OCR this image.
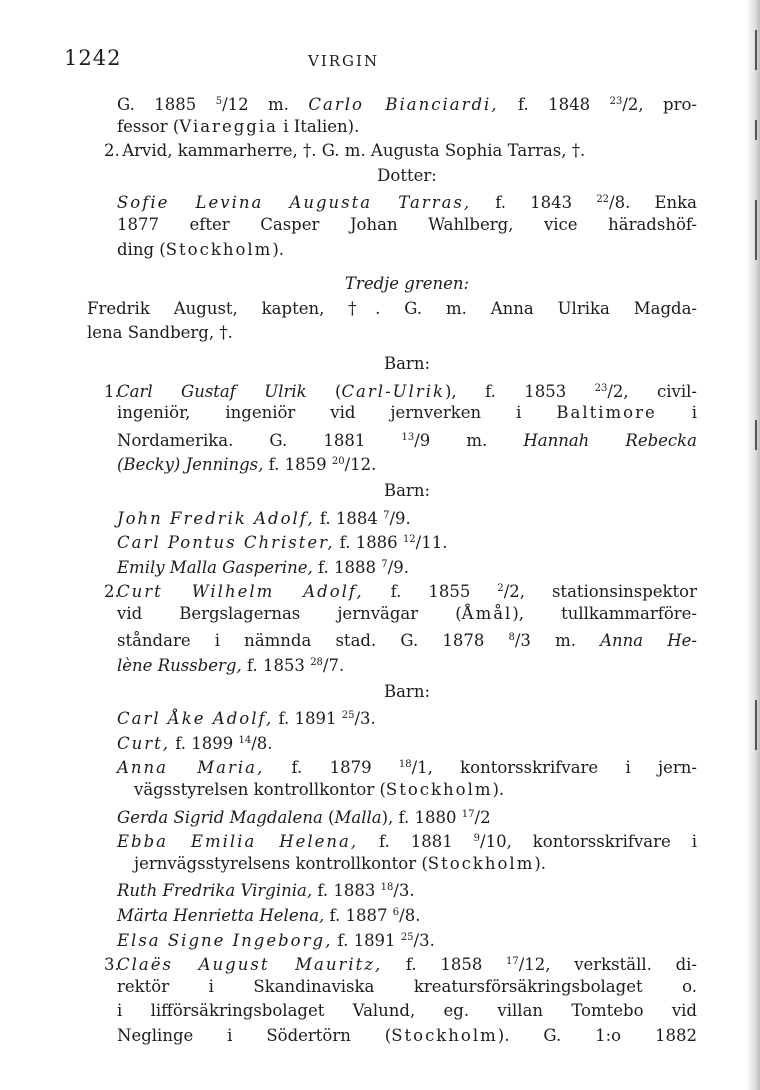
1242	VIRGIN
G. 1885 $^5$/12 m. Carlo Bianciardi, f. 1848 $^{23}$/2, pro-
fessor (Viareggia i Italien).
2. Arvid, kammarherre, †. G. m. Augusta Sophia Tarras, †.
Dotter:
Sofie Levina Augusta Tarras, f. 1843 $^{22}$/8. Enka
1877 efter Casper Johan Wahlberg, vice häradshöf-
ding (Stockholm).
Tredje grenen:
Fredrik August, kapten, †. G. m. Anna Ulrika Magda-
lena Sandberg, †.
Barn:
1.Carl Gustaf Ulrik (Carl-Ulrik), f. 1853 $^{23}$/2, civil-
ingeniör, ingeniör vid jernverken i Baltimore i
Nordamerika. G. 1881 $^{13}$/9 m. Hannah Rebecka
(Becky) Jennings, f. 1859 $^{20}$/12.
Barn:
John Fredrik Adolf, f. 1884 $^7$/9.
Carl Pontus Christer, f. 1886 $^{12}$/11.
Emily Malla Gasperine, f. 1888 $^7$/9.
2.Curt Wilhelm Adolf, f. 1855 $^2$/2, stationsinspektor
vid Bergslagernas jernvägar (Åmål), tullkammarföre-
ståndare i nämnda stad. G. 1878 $^8$/3 m. Anna He-
lène Russberg, f. 1853 $^{28}$/7.
Barn:
Carl Åke Adolf, f. 1891 $^{25}$/3.
Curt, f. 1899 $^{14}$/8.
Anna Maria, f. 1879 $^{18}$/1, kontorsskrifvare i jern-
vägsstyrelsen kontrollkontor (Stockholm).
Gerda Sigrid Magdalena (Malla), f. 1880 $^{17}$/2
Ebba Emilia Helena, f. 1881 $^9$/10, kontorsskrifvare i
jernvägsstyrelsens kontrollkontor (Stockholm).
Ruth Fredrika Virginia, f. 1883 $^{18}$/3.
Märta Henrietta Helena, f. 1887 $^6$/8.
Elsa Signe Ingeborg, f. 1891 $^{25}$/3.
3.Claës August Mauritz, f. 1858 $^{17}$/12, verkställ. di-
rektör i Skandinaviska kreatursförsäkringsbolaget o.
i lifförsäkringsbolaget Valund, eg. villan Tomtebo vid
Neglinge i Södertörn (Stockholm). G. 1:o 1882
